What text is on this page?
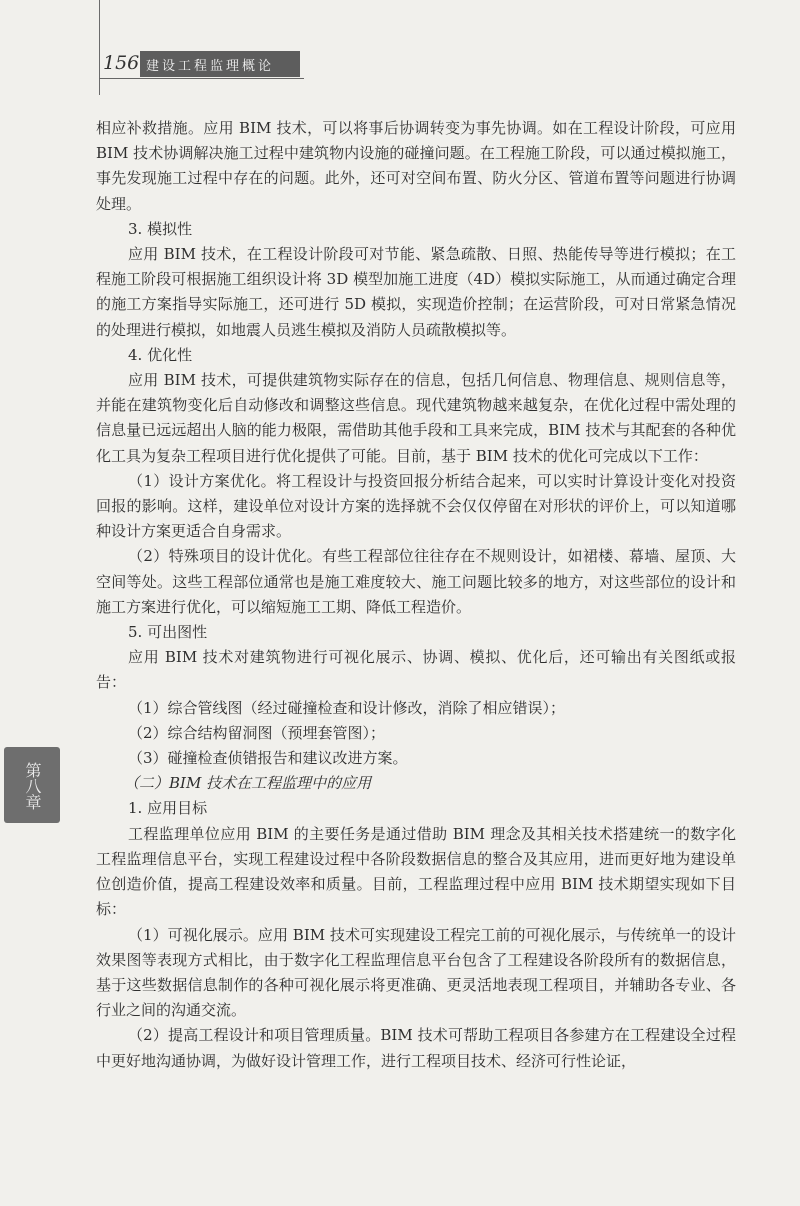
156 建设工程监理概论
第八章

相应补救措施。应用 BIM 技术，可以将事后协调转变为事先协调。如在工程设计阶段，可应用 BIM 技术协调解决施工过程中建筑物内设施的碰撞问题。在工程施工阶段，可以通过模拟施工，事先发现施工过程中存在的问题。此外，还可对空间布置、防火分区、管道布置等问题进行协调处理。

3. 模拟性

应用 BIM 技术，在工程设计阶段可对节能、紧急疏散、日照、热能传导等进行模拟；在工程施工阶段可根据施工组织设计将 3D 模型加施工进度（4D）模拟实际施工，从而通过确定合理的施工方案指导实际施工，还可进行 5D 模拟，实现造价控制；在运营阶段，可对日常紧急情况的处理进行模拟，如地震人员逃生模拟及消防人员疏散模拟等。

4. 优化性

应用 BIM 技术，可提供建筑物实际存在的信息，包括几何信息、物理信息、规则信息等，并能在建筑物变化后自动修改和调整这些信息。现代建筑物越来越复杂，在优化过程中需处理的信息量已远远超出人脑的能力极限，需借助其他手段和工具来完成，BIM 技术与其配套的各种优化工具为复杂工程项目进行优化提供了可能。目前，基于 BIM 技术的优化可完成以下工作：

（1）设计方案优化。将工程设计与投资回报分析结合起来，可以实时计算设计变化对投资回报的影响。这样，建设单位对设计方案的选择就不会仅仅停留在对形状的评价上，可以知道哪种设计方案更适合自身需求。

（2）特殊项目的设计优化。有些工程部位往往存在不规则设计，如裙楼、幕墙、屋顶、大空间等处。这些工程部位通常也是施工难度较大、施工问题比较多的地方，对这些部位的设计和施工方案进行优化，可以缩短施工工期、降低工程造价。

5. 可出图性

应用 BIM 技术对建筑物进行可视化展示、协调、模拟、优化后，还可输出有关图纸或报告：

（1）综合管线图（经过碰撞检查和设计修改，消除了相应错误）；

（2）综合结构留洞图（预埋套管图）；

（3）碰撞检查侦错报告和建议改进方案。

（二）BIM 技术在工程监理中的应用

1. 应用目标

工程监理单位应用 BIM 的主要任务是通过借助 BIM 理念及其相关技术搭建统一的数字化工程监理信息平台，实现工程建设过程中各阶段数据信息的整合及其应用，进而更好地为建设单位创造价值，提高工程建设效率和质量。目前，工程监理过程中应用 BIM 技术期望实现如下目标：

（1）可视化展示。应用 BIM 技术可实现建设工程完工前的可视化展示，与传统单一的设计效果图等表现方式相比，由于数字化工程监理信息平台包含了工程建设各阶段所有的数据信息，基于这些数据信息制作的各种可视化展示将更准确、更灵活地表现工程项目，并辅助各专业、各行业之间的沟通交流。

（2）提高工程设计和项目管理质量。BIM 技术可帮助工程项目各参建方在工程建设全过程中更好地沟通协调，为做好设计管理工作，进行工程项目技术、经济可行性论证，
